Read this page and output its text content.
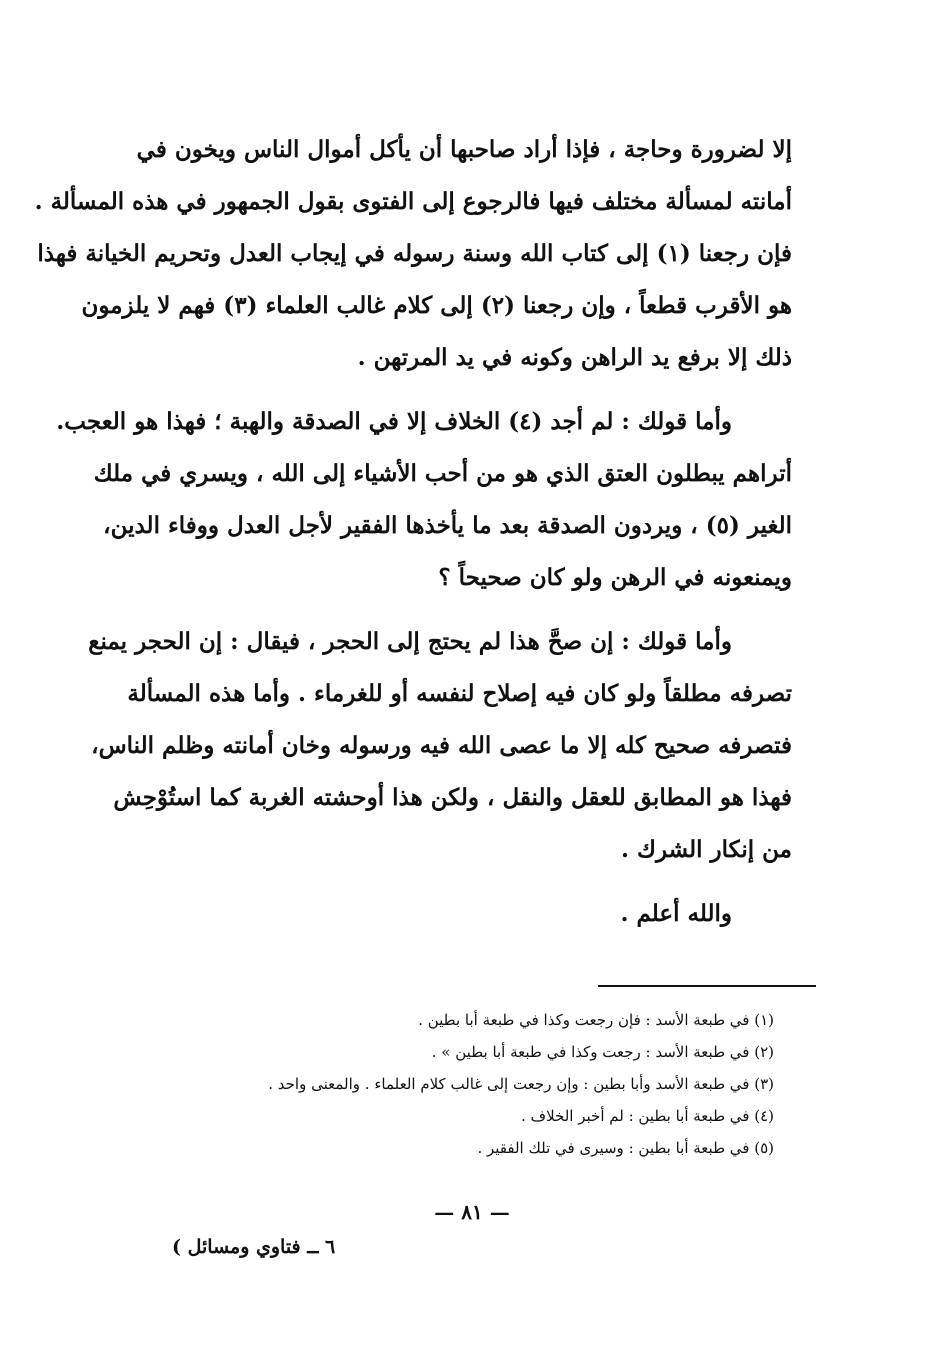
إلا لضرورة وحاجة ، فإذا أراد صاحبها أن يأكل أموال الناس ويخون في
أمانته لمسألة مختلف فيها فالرجوع إلى الفتوى بقول الجمهور في هذه المسألة .
فإن رجعنا (١) إلى كتاب الله وسنة رسوله في إيجاب العدل وتحريم الخيانة فهذا
هو الأقرب قطعاً ، وإن رجعنا (٢) إلى كلام غالب العلماء (٣) فهم لا يلزمون
ذلك إلا برفع يد الراهن وكونه في يد المرتهن .
وأما قولك : لم أجد (٤) الخلاف إلا في الصدقة والهبة ؛ فهذا هو العجب.
أتراهم يبطلون العتق الذي هو من أحب الأشياء إلى الله ، ويسري في ملك
الغير (٥) ، ويردون الصدقة بعد ما يأخذها الفقير لأجل العدل ووفاء الدين،
ويمنعونه في الرهن ولو كان صحيحاً ؟
وأما قولك : إن صحَّ هذا لم يحتج إلى الحجر ، فيقال : إن الحجر يمنع
تصرفه مطلقاً ولو كان فيه إصلاح لنفسه أو للغرماء . وأما هذه المسألة
فتصرفه صحيح كله إلا ما عصى الله فيه ورسوله وخان أمانته وظلم الناس،
فهذا هو المطابق للعقل والنقل ، ولكن هذا أوحشته الغربة كما استُوْحِش
من إنكار الشرك .
والله أعلم .
(١) في طبعة الأسد : فإن رجعت وكذا في طبعة أبا بطين .
(٢) في طبعة الأسد : رجعت وكذا في طبعة أبا بطين » .
(٣) في طبعة الأسد وأبا بطين : وإن رجعت إلى غالب كلام العلماء . والمعنى واحد .
(٤) في طبعة أبا بطين : لم أخبر الخلاف .
(٥) في طبعة أبا بطين : وسيرى في تلك الفقير .
— ٨١ —
٦ ــ فتاوي ومسائل )
